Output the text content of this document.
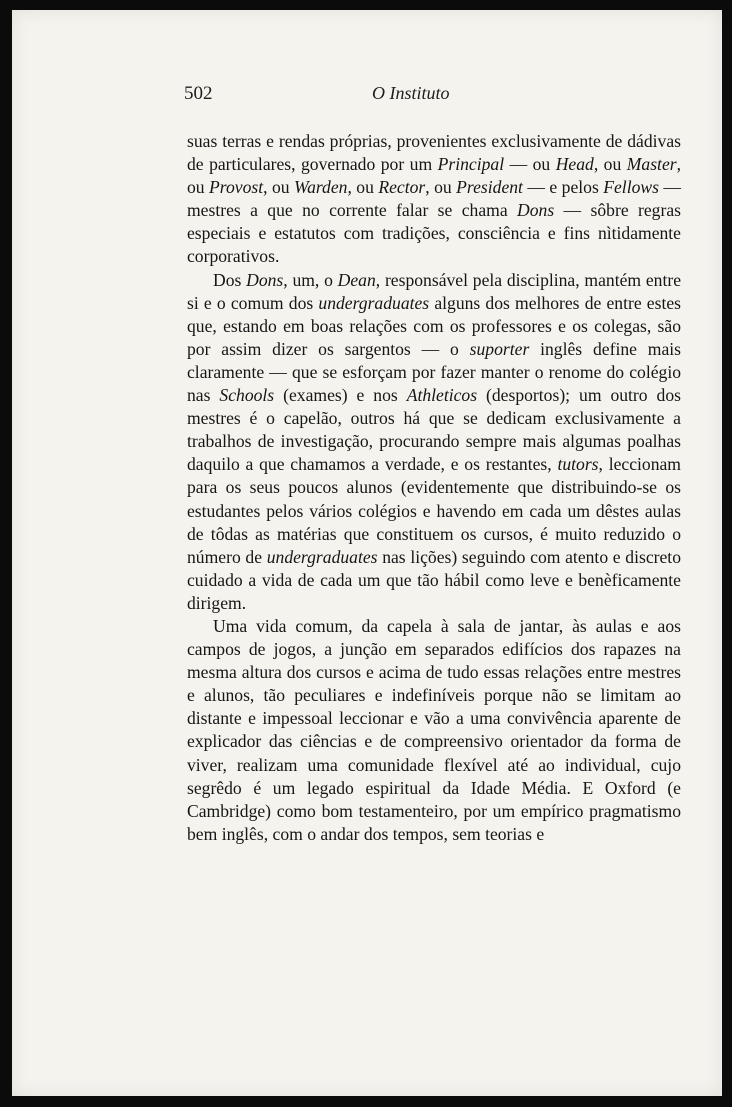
502	O Instituto

suas terras e rendas próprias, provenientes exclusivamente de dádivas de particulares, governado por um Principal — ou Head, ou Master, ou Provost, ou Warden, ou Rector, ou President — e pelos Fellows — mestres a que no corrente falar se chama Dons — sôbre regras especiais e estatutos com tradições, consciência e fins nìtidamente corporativos.

Dos Dons, um, o Dean, responsável pela disciplina, mantém entre si e o comum dos undergraduates alguns dos melhores de entre estes que, estando em boas relações com os professores e os colegas, são por assim dizer os sargentos — o suporter inglês define mais claramente — que se esforçam por fazer manter o renome do colégio nas Schools (exames) e nos Athleticos (desportos); um outro dos mestres é o capelão, outros há que se dedicam exclusivamente a trabalhos de investigação, procurando sempre mais algumas poalhas daquilo a que chamamos a verdade, e os restantes, tutors, leccionam para os seus poucos alunos (evidentemente que distribuindo-se os estudantes pelos vários colégios e havendo em cada um dêstes aulas de tôdas as matérias que constituem os cursos, é muito reduzido o número de undergraduates nas lições) seguindo com atento e discreto cuidado a vida de cada um que tão hábil como leve e benèficamente dirigem.

Uma vida comum, da capela à sala de jantar, às aulas e aos campos de jogos, a junção em separados edifícios dos rapazes na mesma altura dos cursos e acima de tudo essas relações entre mestres e alunos, tão peculiares e indefiníveis porque não se limitam ao distante e impessoal leccionar e vão a uma convivência aparente de explicador das ciências e de compreensivo orientador da forma de viver, realizam uma comunidade flexível até ao individual, cujo segrêdo é um legado espiritual da Idade Média. E Oxford (e Cambridge) como bom testamenteiro, por um empírico pragmatismo bem inglês, com o andar dos tempos, sem teorias e
